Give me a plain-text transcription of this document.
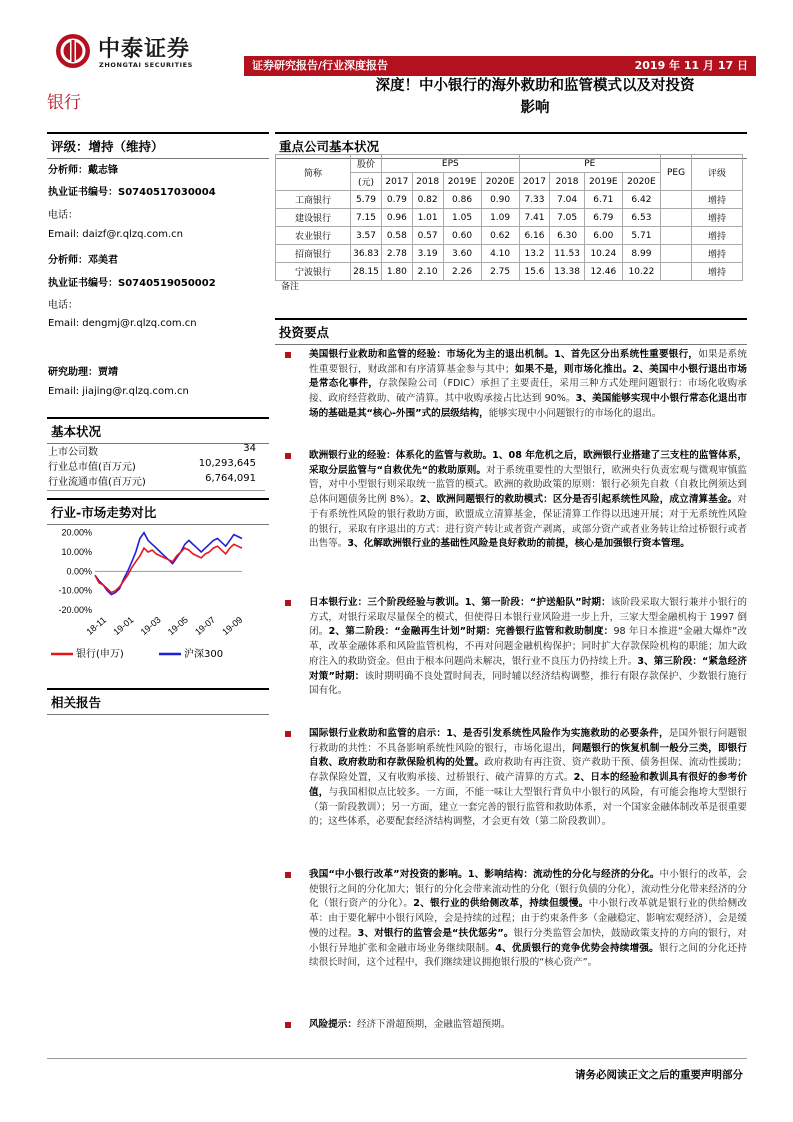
中泰证券
ZHONGTAI SECURITIES	证券研究报告/行业深度报告	2019 年 11 月 17 日
银行
深度！中小银行的海外救助和监管模式以及对投资
影响
评级：增持（维持）
分析师：戴志锋
执业证书编号：S0740517030004
电话：
Email: daizf@r.qlzq.com.cn
分析师：邓美君
执业证书编号：S0740519050002
电话：
Email: dengmj@r.qlzq.com.cn
研究助理：贾靖
Email: jiajing@r.qlzq.com.cn
基本状况
上市公司数	34
行业总市值(百万元)	10,293,645
行业流通市值(百万元)	6,764,091
行业-市场走势对比
20.00%
10.00%
0.00%
-10.00%
-20.00%
18-11 19-01 19-03 19-05 19-07 19-09
银行(申万)	沪深300
相关报告
重点公司基本状况
简称	股价	EPS				PE				PEG	评级
	(元)	2017	2018	2019E	2020E	2017	2018	2019E	2020E		
工商银行	5.79	0.79	0.82	0.86	0.90	7.33	7.04	6.71	6.42		增持
建设银行	7.15	0.96	1.01	1.05	1.09	7.41	7.05	6.79	6.53		增持
农业银行	3.57	0.58	0.57	0.60	0.62	6.16	6.30	6.00	5.71		增持
招商银行	36.83	2.78	3.19	3.60	4.10	13.2	11.53	10.24	8.99		增持
宁波银行	28.15	1.80	2.10	2.26	2.75	15.6	13.38	12.46	10.22		增持
备注
投资要点
美国银行业救助和监管的经验：市场化为主的退出机制。1、首先区分出系统性重要银行，如果是系统性重要银行，财政部和有序清算基金参与其中；如果不是，则市场化推出。2、美国中小银行退出市场是常态化事件，存款保险公司（FDIC）承担了主要责任，采用三种方式处理问题银行：市场化收购承接、政府经营救助、破产清算。其中收购承接占比达到 90%。3、美国能够实现中小银行常态化退出市场的基础是其“核心-外围”式的层级结构，能够实现中小问题银行的市场化的退出。
欧洲银行业的经验：体系化的监管与救助。1、08 年危机之后，欧洲银行业搭建了三支柱的监管体系，采取分层监管与“自救优先“的救助原则。对于系统重要性的大型银行，欧洲央行负责宏观与微观审慎监管，对中小型银行则采取统一监管的模式。欧洲的救助政策的原则：银行必须先自救（自救比例须达到总体问题债务比例 8%）。2、欧洲问题银行的救助模式：区分是否引起系统性风险，成立清算基金。对于有系统性风险的银行救助方面，欧盟成立清算基金，保证清算工作得以迅速开展；对于无系统性风险的银行，采取有序退出的方式：进行资产转让或者资产剥离，或部分资产或者业务转让给过桥银行或者出售等。3、化解欧洲银行业的基础性风险是良好救助的前提，核心是加强银行资本管理。
日本银行业：三个阶段经验与教训。1、第一阶段：“护送船队”时期：该阶段采取大银行兼并小银行的方式，对银行采取尽量保全的模式，但使得日本银行业风险进一步上升，三家大型金融机构于 1997 倒闭。2、第二阶段：“金融再生计划”时期：完善银行监管和救助制度：98 年日本推进“金融大爆炸”改革，改革金融体系和风险监管机构，不再对问题金融机构保护；同时扩大存款保险机构的职能；加大政府注入的救助资金。但由于根本问题尚未解决，银行业不良压力仍持续上升。3、第三阶段：“紧急经济对策”时期：该时期明确不良处置时间表，同时辅以经济结构调整，推行有限存款保护、少数银行施行国有化。
国际银行业救助和监管的启示：1、是否引发系统性风险作为实施救助的必要条件，是国外银行问题银行救助的共性：不具备影响系统性风险的银行，市场化退出，问题银行的恢复机制一般分三类，即银行自救、政府救助和存款保险机构的处置。政府救助有再注资、资产救助干预、债务担保、流动性援助；存款保险处置，又有收购承接、过桥银行、破产清算的方式。2、日本的经验和教训具有很好的参考价值，与我国相似点比较多。一方面，不能一味让大型银行背负中小银行的风险，有可能会拖垮大型银行（第一阶段教训）；另一方面，建立一套完善的银行监管和救助体系，对一个国家金融体制改革是很重要的；这些体系，必要配套经济结构调整，才会更有效（第二阶段教训）。
我国“中小银行改革”对投资的影响。1、影响结构：流动性的分化与经济的分化。中小银行的改革，会使银行之间的分化加大；银行的分化会带来流动性的分化（银行负债的分化），流动性分化带来经济的分化（银行资产的分化）。2、银行业的供给侧改革，持续但缓慢。中小银行改革就是银行业的供给侧改革：由于要化解中小银行风险，会是持续的过程；由于约束条件多（金融稳定、影响宏观经济），会是缓慢的过程。3、对银行的监管会是“扶优惩劣”。银行分类监管会加快，鼓励政策支持的方向的银行，对小银行异地扩张和金融市场业务继续限制。4、优质银行的竞争优势会持续增强。银行之间的分化还持续很长时间，这个过程中，我们继续建议拥抱银行股的“核心资产”。
风险提示：经济下滑超预期，金融监管超预期。
请务必阅读正文之后的重要声明部分
